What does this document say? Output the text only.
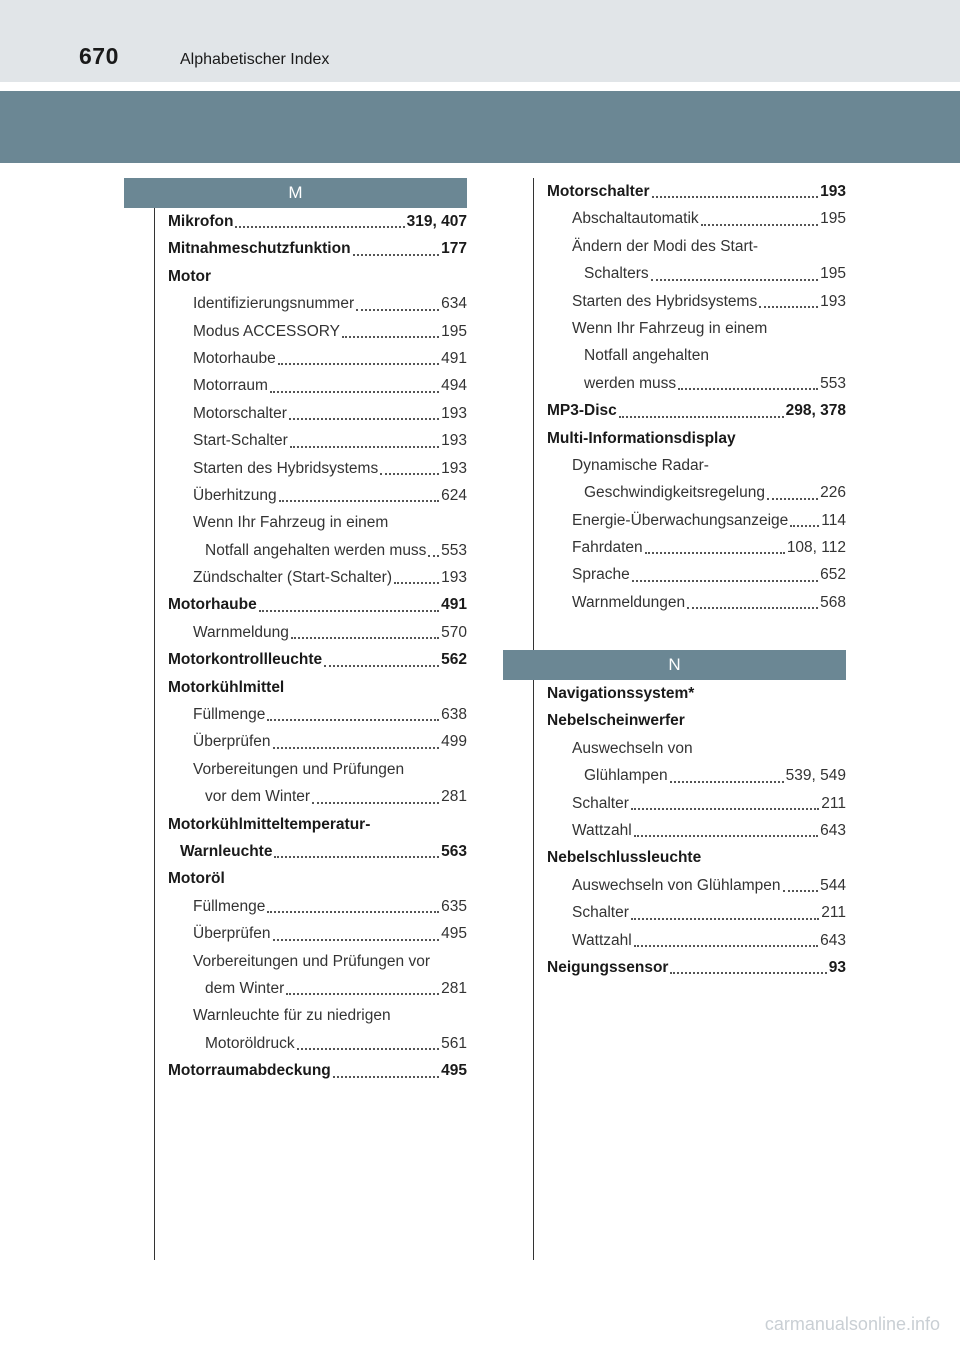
670	Alphabetischer Index
M
Mikrofon	319, 407
Mitnahmeschutzfunktion	177
Motor
Identifizierungsnummer	634
Modus ACCESSORY	195
Motorhaube	491
Motorraum	494
Motorschalter	193
Start-Schalter	193
Starten des Hybridsystems	193
Überhitzung	624
Wenn Ihr Fahrzeug in einem
Notfall angehalten werden muss 553
Zündschalter (Start-Schalter)	193
Motorhaube	491
Warnmeldung	570
Motorkontrollleuchte	562
Motorkühlmittel
Füllmenge	638
Überprüfen	499
Vorbereitungen und Prüfungen
vor dem Winter	281
Motorkühlmitteltemperatur-
Warnleuchte	563
Motoröl
Füllmenge	635
Überprüfen	495
Vorbereitungen und Prüfungen vor
dem Winter	281
Warnleuchte für zu niedrigen
Motoröldruck	561
Motorraumabdeckung	495
Motorschalter	193
Abschaltautomatik	195
Ändern der Modi des Start-
Schalters	195
Starten des Hybridsystems	193
Wenn Ihr Fahrzeug in einem
Notfall angehalten
werden muss	553
MP3-Disc	298, 378
Multi-Informationsdisplay
Dynamische Radar-
Geschwindigkeitsregelung	226
Energie-Überwachungsanzeige 114
Fahrdaten	108, 112
Sprache	652
Warnmeldungen	568
N
Navigationssystem*
Nebelscheinwerfer
Auswechseln von
Glühlampen	539, 549
Schalter	211
Wattzahl	643
Nebelschlussleuchte
Auswechseln von Glühlampen	544
Schalter	211
Wattzahl	643
Neigungssensor	93
carmanualsonline.info
